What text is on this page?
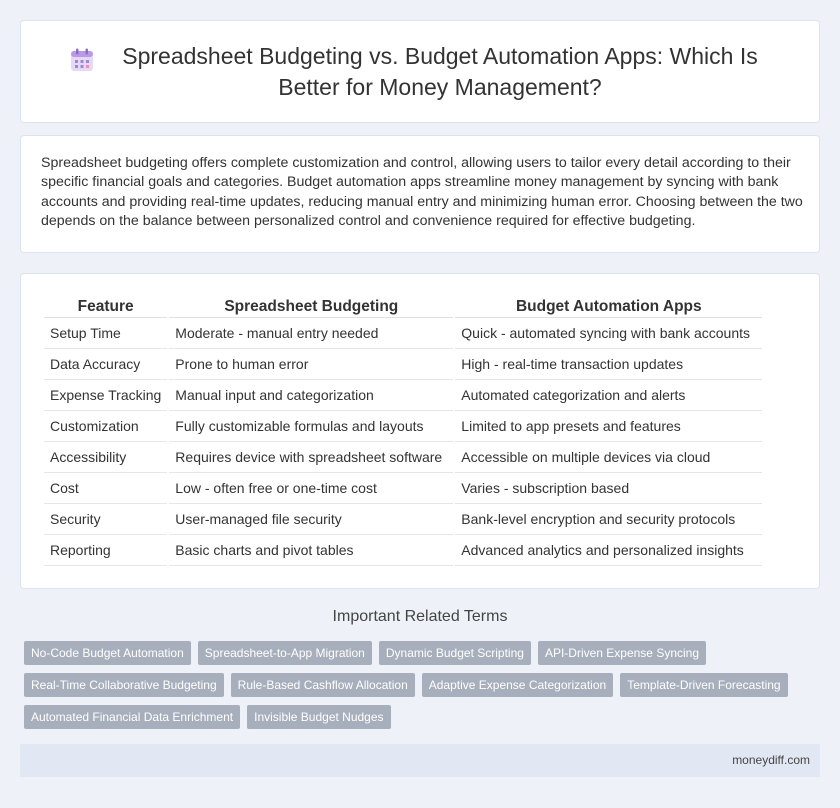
Spreadsheet Budgeting vs. Budget Automation Apps: Which Is Better for Money Management?

Spreadsheet budgeting offers complete customization and control, allowing users to tailor every detail according to their specific financial goals and categories. Budget automation apps streamline money management by syncing with bank accounts and providing real-time updates, reducing manual entry and minimizing human error. Choosing between the two depends on the balance between personalized control and convenience required for effective budgeting.

Feature	Spreadsheet Budgeting	Budget Automation Apps
Setup Time	Moderate - manual entry needed	Quick - automated syncing with bank accounts
Data Accuracy	Prone to human error	High - real-time transaction updates
Expense Tracking	Manual input and categorization	Automated categorization and alerts
Customization	Fully customizable formulas and layouts	Limited to app presets and features
Accessibility	Requires device with spreadsheet software	Accessible on multiple devices via cloud
Cost	Low - often free or one-time cost	Varies - subscription based
Security	User-managed file security	Bank-level encryption and security protocols
Reporting	Basic charts and pivot tables	Advanced analytics and personalized insights
Important Related Terms
No-Code Budget Automation	Spreadsheet-to-App Migration	Dynamic Budget Scripting	API-Driven Expense Syncing
Real-Time Collaborative Budgeting	Rule-Based Cashflow Allocation	Adaptive Expense Categorization	Template-Driven Forecasting
Automated Financial Data Enrichment	Invisible Budget Nudges
moneydiff.com
